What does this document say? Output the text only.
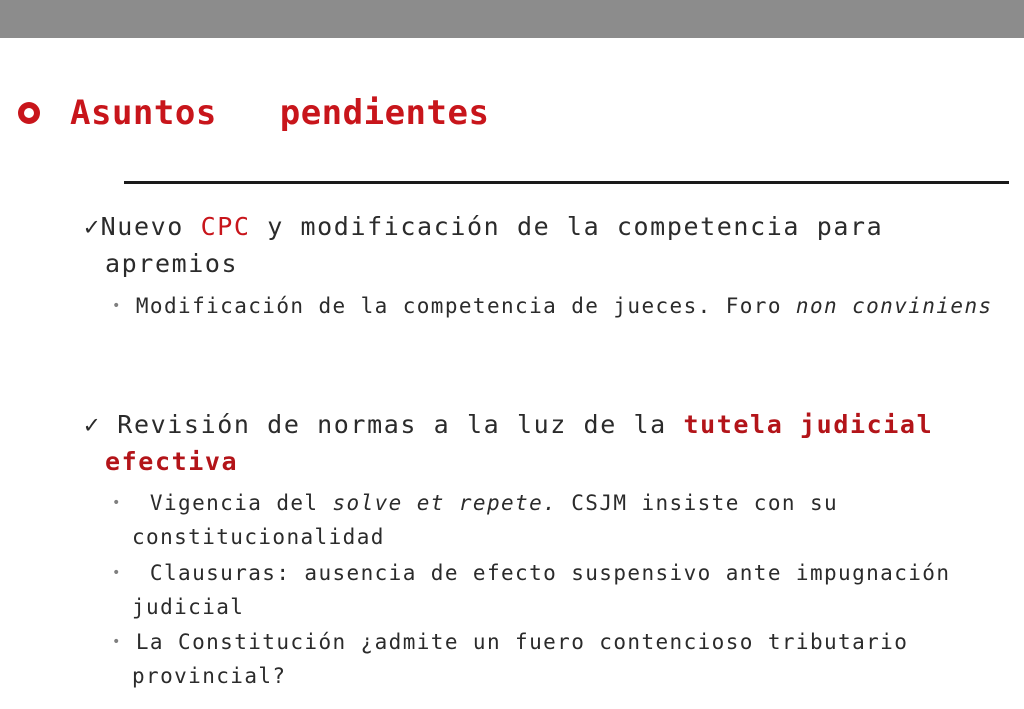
Asuntos pendientes
✓Nuevo CPC y modificación de la competencia para apremios
• Modificación de la competencia de jueces. Foro non conviniens
✓ Revisión de normas a la luz de la tutela judicial efectiva
•  Vigencia del solve et repete. CSJM insiste con su constitucionalidad
•  Clausuras: ausencia de efecto suspensivo ante impugnación judicial
• La Constitución ¿admite un fuero contencioso tributario provincial?
